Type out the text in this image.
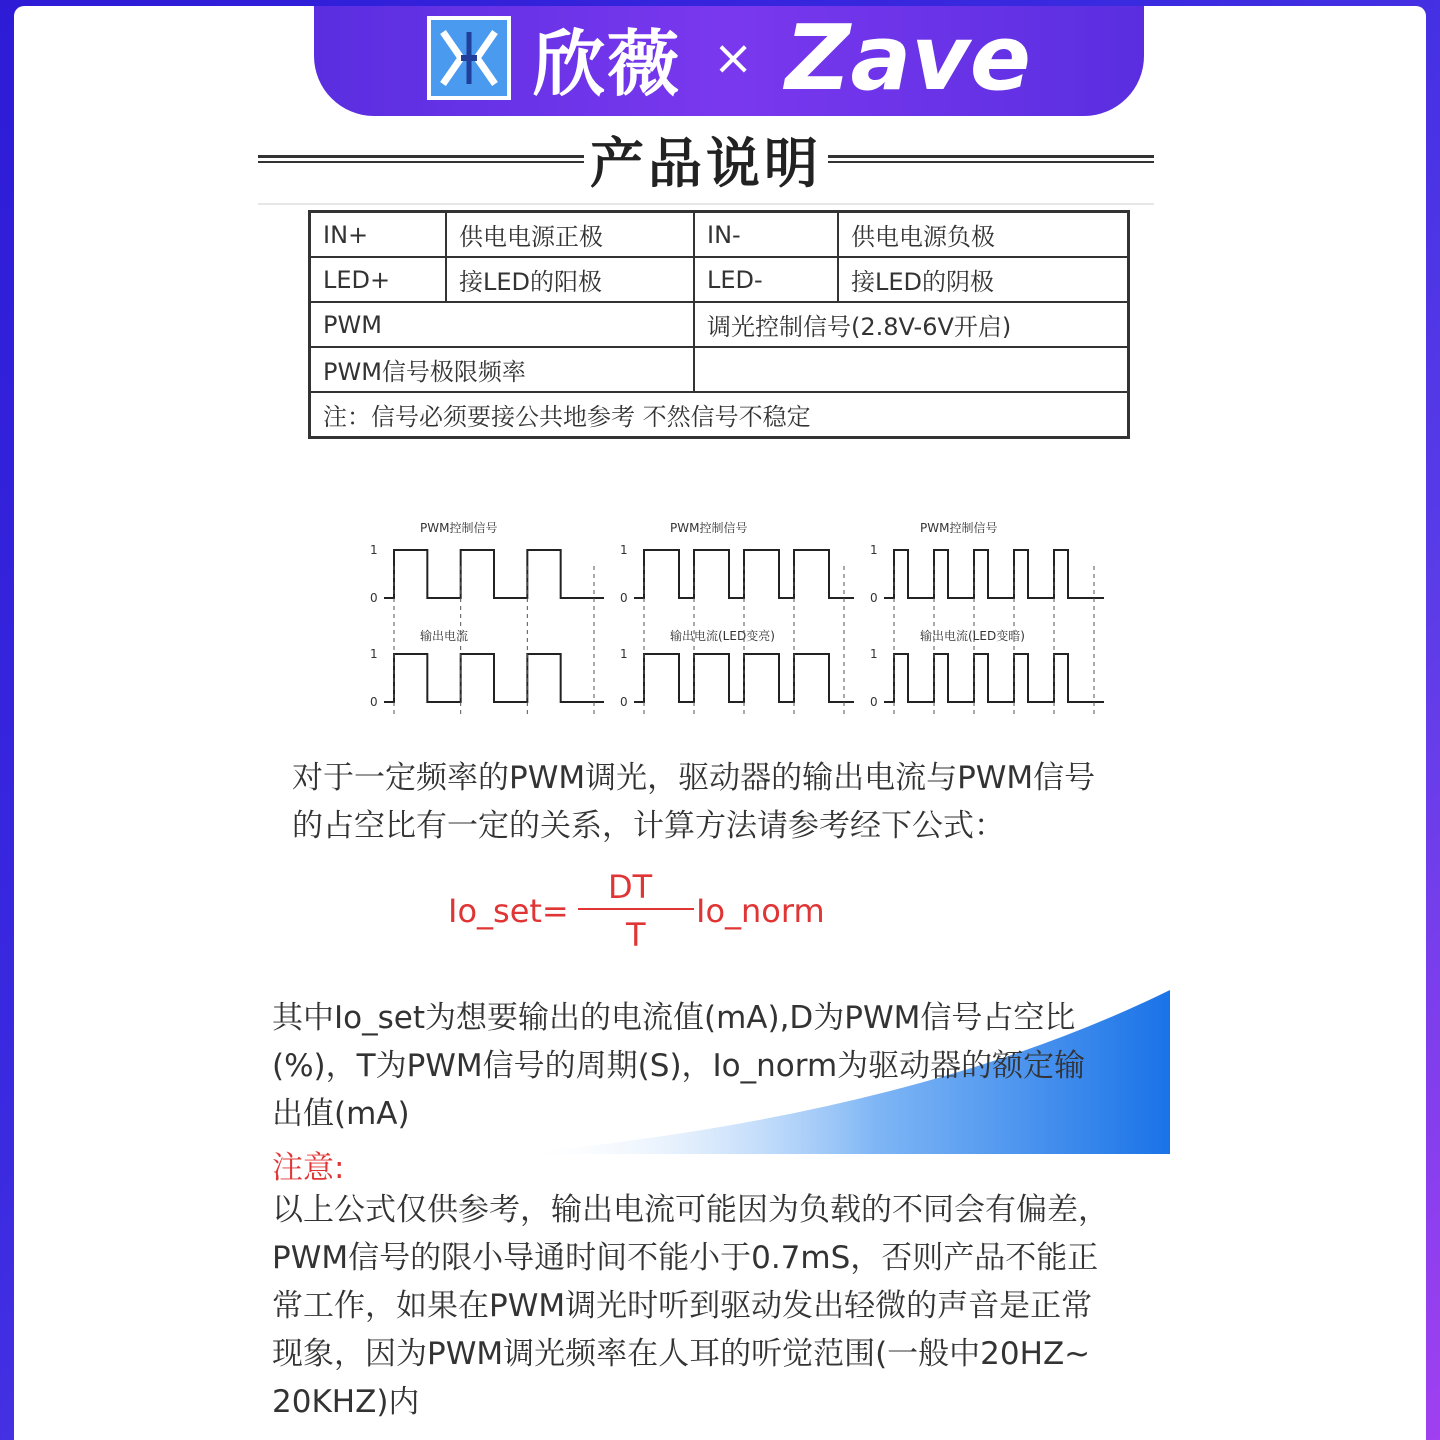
欣薇 × Zave
产品说明
IN+	供电电源正极	IN-	供电电源负极
LED+	接LED的阳极	LED-	接LED的阴极
PWM		调光控制信号(2.8V-6V开启)	
PWM信号极限频率			
注：信号必须要接公共地参考 不然信号不稳定			
PWM控制信号
输出电流
1
0
1
0
PWM控制信号
输出电流(LED变亮)
1
0
1
0
PWM控制信号
输出电流(LED变暗)
1
0
1
0
对于一定频率的PWM调光，驱动器的输出电流与PWM信号
的占空比有一定的关系，计算方法请参考经下公式：
Io_set=
DT
T
Io_norm
其中Io_set为想要输出的电流值(mA),D为PWM信号占空比
(%)，T为PWM信号的周期(S)，Io_norm为驱动器的额定输
出值(mA)
注意:
以上公式仅供参考，输出电流可能因为负载的不同会有偏差，
PWM信号的限小导通时间不能小于0.7mS，否则产品不能正
常工作，如果在PWM调光时听到驱动发出轻微的声音是正常
现象，因为PWM调光频率在人耳的听觉范围(一般中20HZ~
20KHZ)内
